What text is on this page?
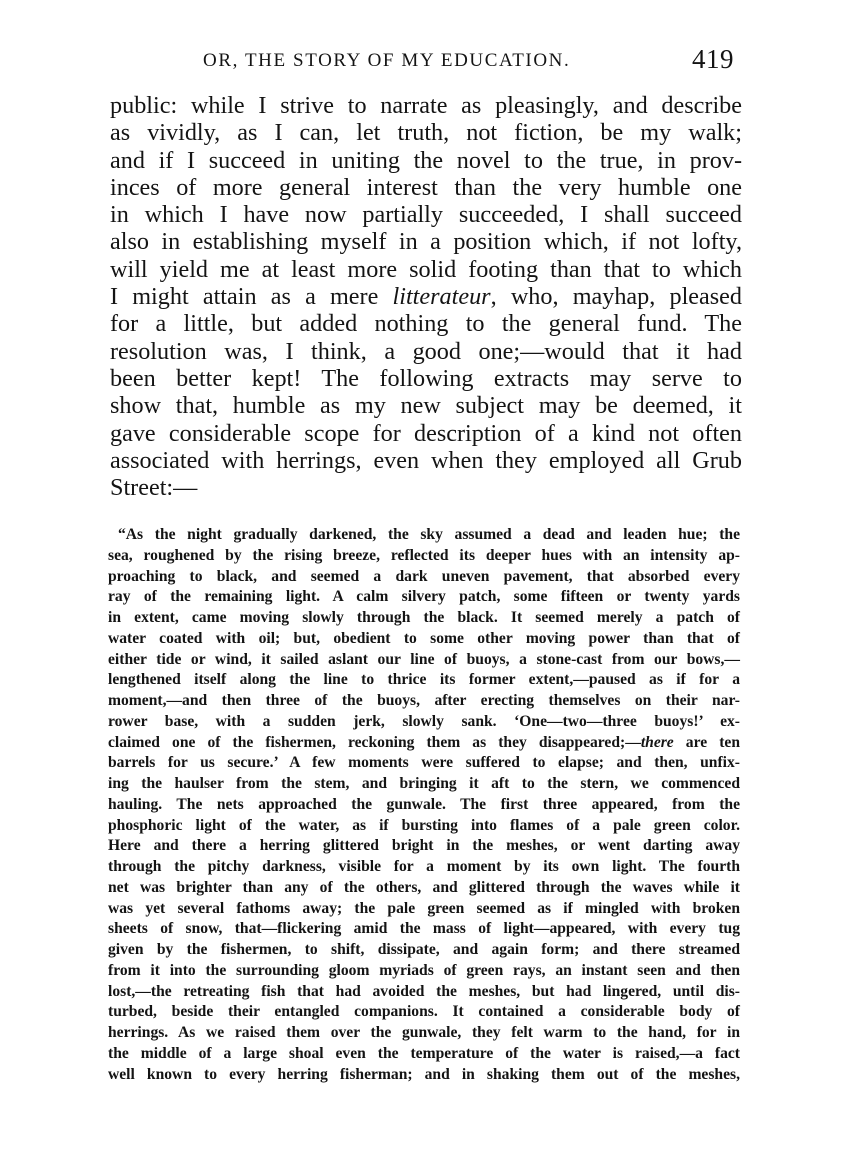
OR, THE STORY OF MY EDUCATION.	419
public: while I strive to narrate as pleasingly, and describe
as vividly, as I can, let truth, not fiction, be my walk;
and if I succeed in uniting the novel to the true, in prov-
inces of more general interest than the very humble one
in which I have now partially succeeded, I shall succeed
also in establishing myself in a position which, if not lofty,
will yield me at least more solid footing than that to which
I might attain as a mere litterateur, who, mayhap, pleased
for a little, but added nothing to the general fund. The
resolution was, I think, a good one;—would that it had
been better kept! The following extracts may serve to
show that, humble as my new subject may be deemed, it
gave considerable scope for description of a kind not often
associated with herrings, even when they employed all Grub
Street:—
“As the night gradually darkened, the sky assumed a dead and leaden hue; the
sea, roughened by the rising breeze, reflected its deeper hues with an intensity ap-
proaching to black, and seemed a dark uneven pavement, that absorbed every
ray of the remaining light. A calm silvery patch, some fifteen or twenty yards
in extent, came moving slowly through the black. It seemed merely a patch of
water coated with oil; but, obedient to some other moving power than that of
either tide or wind, it sailed aslant our line of buoys, a stone-cast from our bows,—
lengthened itself along the line to thrice its former extent,—paused as if for a
moment,—and then three of the buoys, after erecting themselves on their nar-
rower base, with a sudden jerk, slowly sank. ‘One—two—three buoys!’ ex-
claimed one of the fishermen, reckoning them as they disappeared;—there are ten
barrels for us secure.’ A few moments were suffered to elapse; and then, unfix-
ing the haulser from the stem, and bringing it aft to the stern, we commenced
hauling. The nets approached the gunwale. The first three appeared, from the
phosphoric light of the water, as if bursting into flames of a pale green color.
Here and there a herring glittered bright in the meshes, or went darting away
through the pitchy darkness, visible for a moment by its own light. The fourth
net was brighter than any of the others, and glittered through the waves while it
was yet several fathoms away; the pale green seemed as if mingled with broken
sheets of snow, that—flickering amid the mass of light—appeared, with every tug
given by the fishermen, to shift, dissipate, and again form; and there streamed
from it into the surrounding gloom myriads of green rays, an instant seen and then
lost,—the retreating fish that had avoided the meshes, but had lingered, until dis-
turbed, beside their entangled companions. It contained a considerable body of
herrings. As we raised them over the gunwale, they felt warm to the hand, for in
the middle of a large shoal even the temperature of the water is raised,—a fact
well known to every herring fisherman; and in shaking them out of the meshes,
